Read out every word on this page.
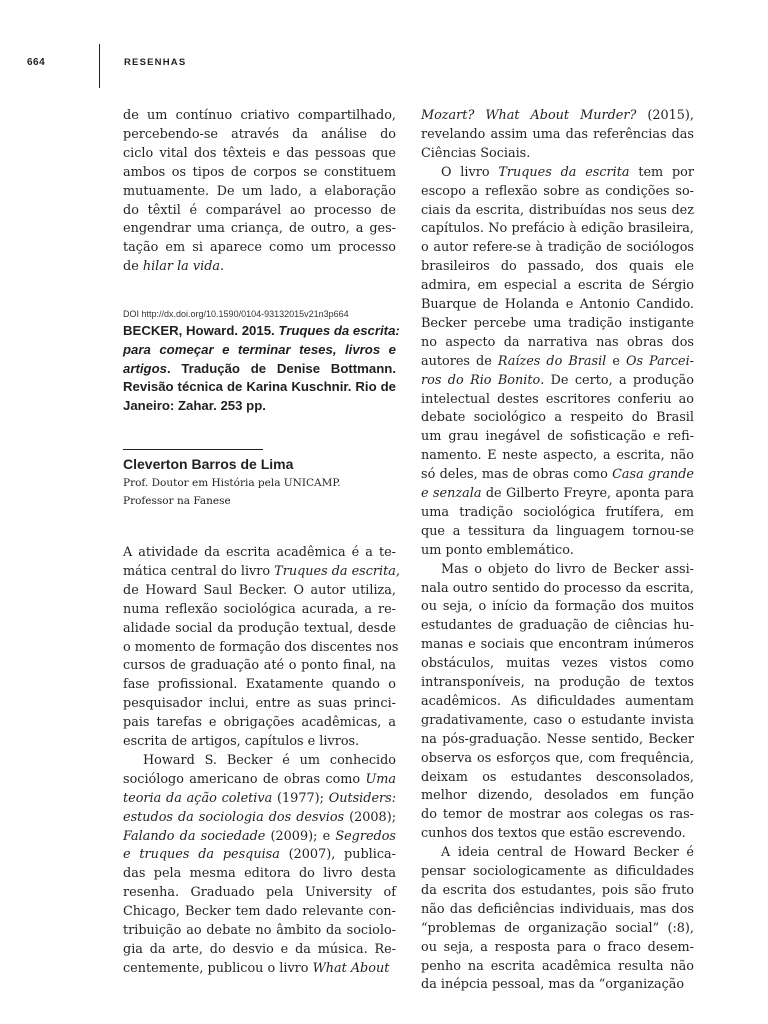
664	RESENHAS
de um contínuo criativo compartilhado,
percebendo-se através da análise do
ciclo vital dos têxteis e das pessoas que
ambos os tipos de corpos se constituem
mutuamente. De um lado, a elaboração
do têxtil é comparável ao processo de
engendrar uma criança, de outro, a ges-
tação em si aparece como um processo
de hilar la vida.
DOI http://dx.doi.org/10.1590/0104-93132015v21n3p664
BECKER, Howard. 2015. Truques da escrita:
para começar e terminar teses, livros e
artigos. Tradução de Denise Bottmann.
Revisão técnica de Karina Kuschnir. Rio de
Janeiro: Zahar. 253 pp.
Cleverton Barros de Lima
Prof. Doutor em História pela UNICAMP.
Professor na Fanese
A atividade da escrita acadêmica é a te-
mática central do livro Truques da escrita,
de Howard Saul Becker. O autor utiliza,
numa reflexão sociológica acurada, a re-
alidade social da produção textual, desde
o momento de formação dos discentes nos
cursos de graduação até o ponto final, na
fase profissional. Exatamente quando o
pesquisador inclui, entre as suas princi-
pais tarefas e obrigações acadêmicas, a
escrita de artigos, capítulos e livros.
Howard S. Becker é um conhecido
sociólogo americano de obras como Uma
teoria da ação coletiva (1977); Outsiders:
estudos da sociologia dos desvios (2008);
Falando da sociedade (2009); e Segredos
e truques da pesquisa (2007), publica-
das pela mesma editora do livro desta
resenha. Graduado pela University of
Chicago, Becker tem dado relevante con-
tribuição ao debate no âmbito da sociolo-
gia da arte, do desvio e da música. Re-
centemente, publicou o livro What About
Mozart? What About Murder? (2015),
revelando assim uma das referências das
Ciências Sociais.
O livro Truques da escrita tem por
escopo a reflexão sobre as condições so-
ciais da escrita, distribuídas nos seus dez
capítulos. No prefácio à edição brasileira,
o autor refere-se à tradição de sociólogos
brasileiros do passado, dos quais ele
admira, em especial a escrita de Sérgio
Buarque de Holanda e Antonio Candido.
Becker percebe uma tradição instigante
no aspecto da narrativa nas obras dos
autores de Raízes do Brasil e Os Parcei-
ros do Rio Bonito. De certo, a produção
intelectual destes escritores conferiu ao
debate sociológico a respeito do Brasil
um grau inegável de sofisticação e refi-
namento. E neste aspecto, a escrita, não
só deles, mas de obras como Casa grande
e senzala de Gilberto Freyre, aponta para
uma tradição sociológica frutífera, em
que a tessitura da linguagem tornou-se
um ponto emblemático.
Mas o objeto do livro de Becker assi-
nala outro sentido do processo da escrita,
ou seja, o início da formação dos muitos
estudantes de graduação de ciências hu-
manas e sociais que encontram inúmeros
obstáculos, muitas vezes vistos como
intransponíveis, na produção de textos
acadêmicos. As dificuldades aumentam
gradativamente, caso o estudante invista
na pós-graduação. Nesse sentido, Becker
observa os esforços que, com frequência,
deixam os estudantes desconsolados,
melhor dizendo, desolados em função
do temor de mostrar aos colegas os ras-
cunhos dos textos que estão escrevendo.
A ideia central de Howard Becker é
pensar sociologicamente as dificuldades
da escrita dos estudantes, pois são fruto
não das deficiências individuais, mas dos
“problemas de organização social” (:8),
ou seja, a resposta para o fraco desem-
penho na escrita acadêmica resulta não
da inépcia pessoal, mas da “organização
